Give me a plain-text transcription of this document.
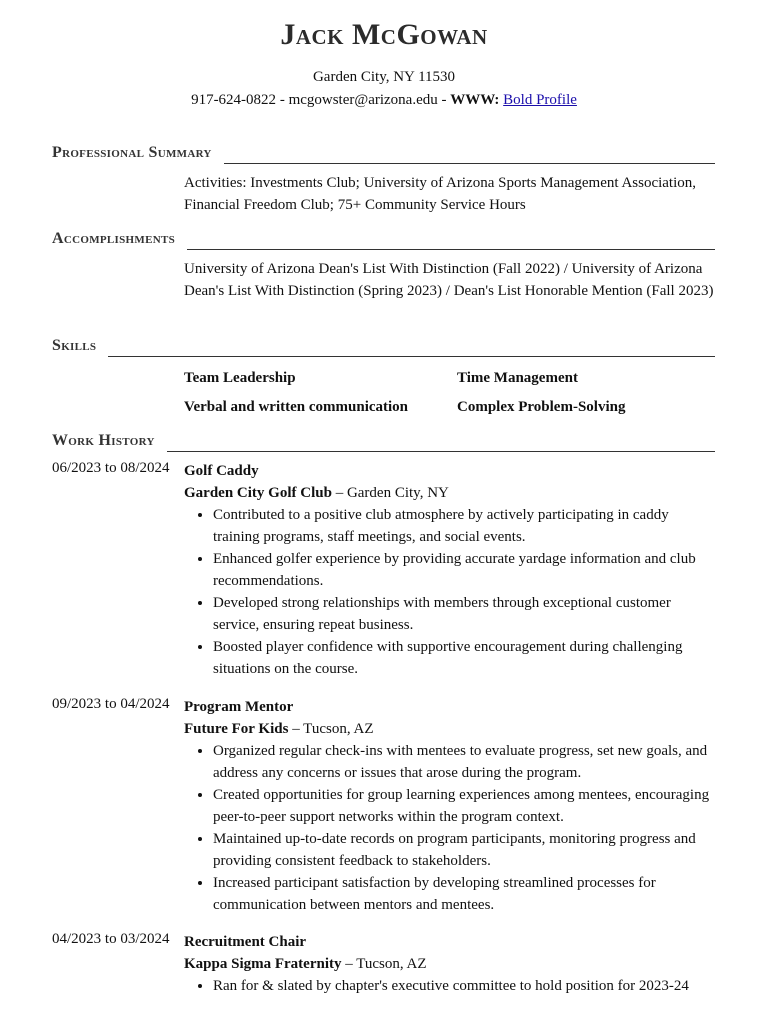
Jack McGowan
Garden City, NY 11530
917-624-0822 - mcgowster@arizona.edu - WWW: Bold Profile
Professional Summary
Activities: Investments Club; University of Arizona Sports Management Association, Financial Freedom Club; 75+ Community Service Hours
Accomplishments
University of Arizona Dean's List With Distinction (Fall 2022) / University of Arizona Dean's List With Distinction (Spring 2023) / Dean's List Honorable Mention (Fall 2023)
Skills
Team Leadership	Time Management
Verbal and written communication	Complex Problem-Solving
Work History
06/2023 to 08/2024 Golf Caddy
Garden City Golf Club – Garden City, NY
• Contributed to a positive club atmosphere by actively participating in caddy training programs, staff meetings, and social events.
• Enhanced golfer experience by providing accurate yardage information and club recommendations.
• Developed strong relationships with members through exceptional customer service, ensuring repeat business.
• Boosted player confidence with supportive encouragement during challenging situations on the course.
09/2023 to 04/2024 Program Mentor
Future For Kids – Tucson, AZ
• Organized regular check-ins with mentees to evaluate progress, set new goals, and address any concerns or issues that arose during the program.
• Created opportunities for group learning experiences among mentees, encouraging peer-to-peer support networks within the program context.
• Maintained up-to-date records on program participants, monitoring progress and providing consistent feedback to stakeholders.
• Increased participant satisfaction by developing streamlined processes for communication between mentors and mentees.
04/2023 to 03/2024 Recruitment Chair
Kappa Sigma Fraternity – Tucson, AZ
• Ran for & slated by chapter's executive committee to hold position for 2023-24
